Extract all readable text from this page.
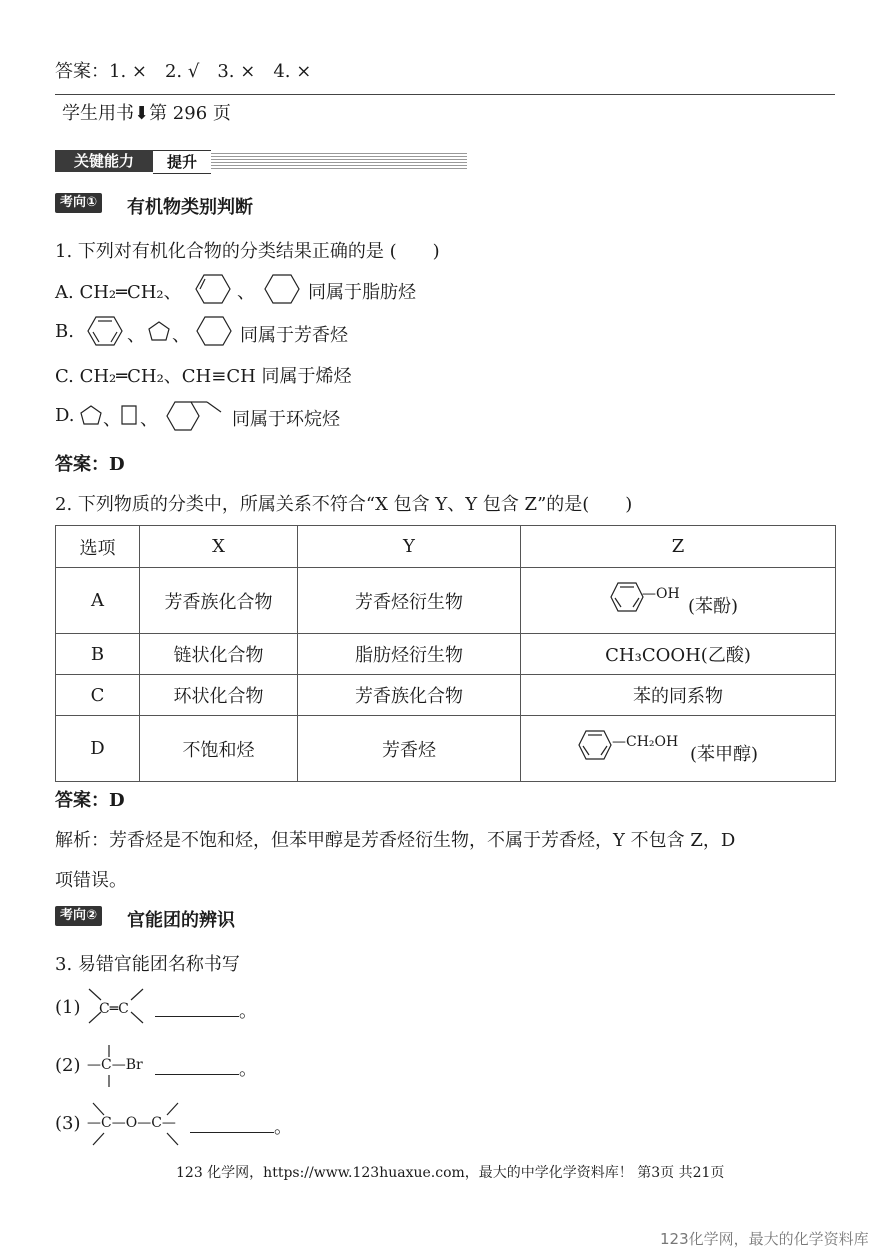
答案：1. ×　2. √　3. ×　4. ×
学生用书⬇第 296 页
关键能力	提升
考向① 有机物类别判断
1. 下列对有机化合物的分类结果正确的是 (　　)
A. CH₂═CH₂、	、	同属于脂肪烃
B.	、 、	同属于芳香烃
C. CH₂═CH₂、CH≡CH 同属于烯烃
D. 、 、	同属于环烷烃
答案：D
2. 下列物质的分类中，所属关系不符合“X 包含 Y、Y 包含 Z”的是(　　)
选项	X	Y	Z
A	芳香族化合物	芳香烃衍生物	—OH
(苯酚)

B	链状化合物	脂肪烃衍生物	CH₃COOH(乙酸)
C	环状化合物	芳香族化合物	苯的同系物
D	不饱和烃	芳香烃	—CH₂OH
(苯甲醇)
答案：D
解析：芳香烃是不饱和烃，但苯甲醇是芳香烃衍生物，不属于芳香烃，Y 不包含 Z，D
项错误。
考向② 官能团的辨识
3. 易错官能团名称书写
(1) C═C	。
(2) —C—Br	。
(3) —C—O—C—	。
123 化学网，https://www.123huaxue.com，最大的中学化学资料库！ 第3页 共21页
123化学网，最大的化学资料库
